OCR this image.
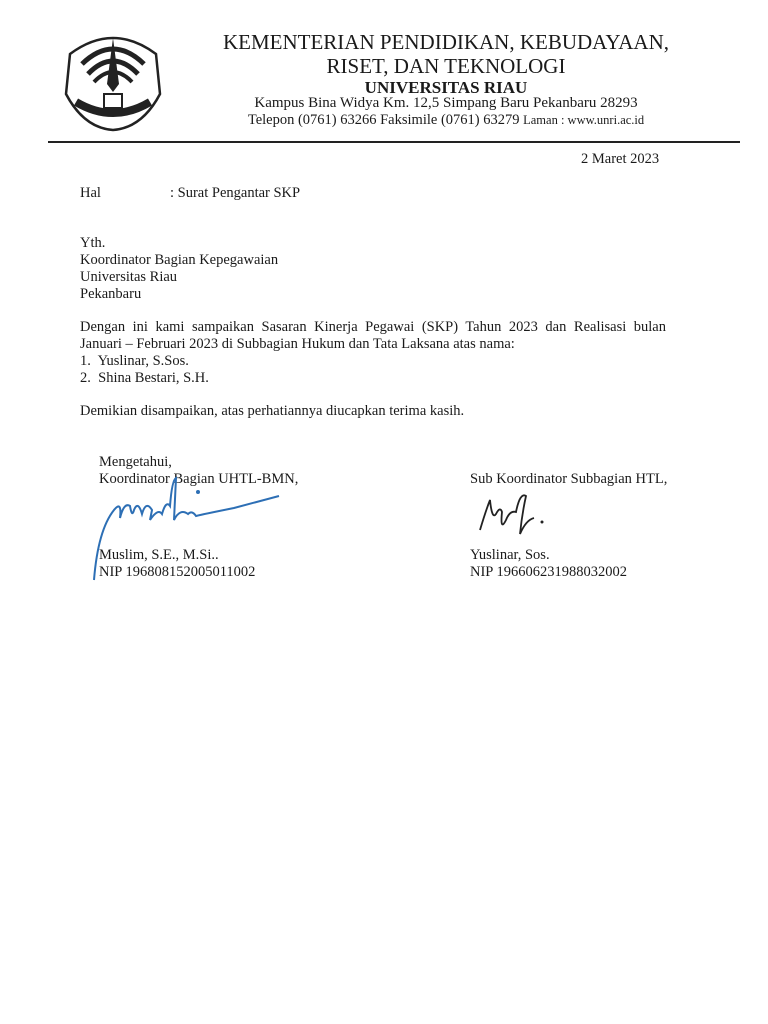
KEMENTERIAN PENDIDIKAN, KEBUDAYAAN,
RISET, DAN TEKNOLOGI
UNIVERSITAS RIAU
Kampus Bina Widya Km. 12,5 Simpang Baru Pekanbaru 28293
Telepon (0761) 63266 Faksimile (0761) 63279 Laman : www.unri.ac.id
2 Maret 2023
Hal	: Surat Pengantar SKP
Yth.
Koordinator Bagian Kepegawaian
Universitas Riau
Pekanbaru
Dengan ini kami sampaikan Sasaran Kinerja Pegawai (SKP) Tahun 2023 dan Realisasi bulan
Januari – Februari 2023 di Subbagian Hukum dan Tata Laksana atas nama:
1.  Yuslinar, S.Sos.
2.  Shina Bestari, S.H.
Demikian disampaikan, atas perhatiannya diucapkan terima kasih.
Mengetahui,
Koordinator Bagian UHTL-BMN,
Muslim, S.E., M.Si..
NIP 196808152005011002
Sub Koordinator Subbagian HTL,
Yuslinar, Sos.
NIP 196606231988032002
